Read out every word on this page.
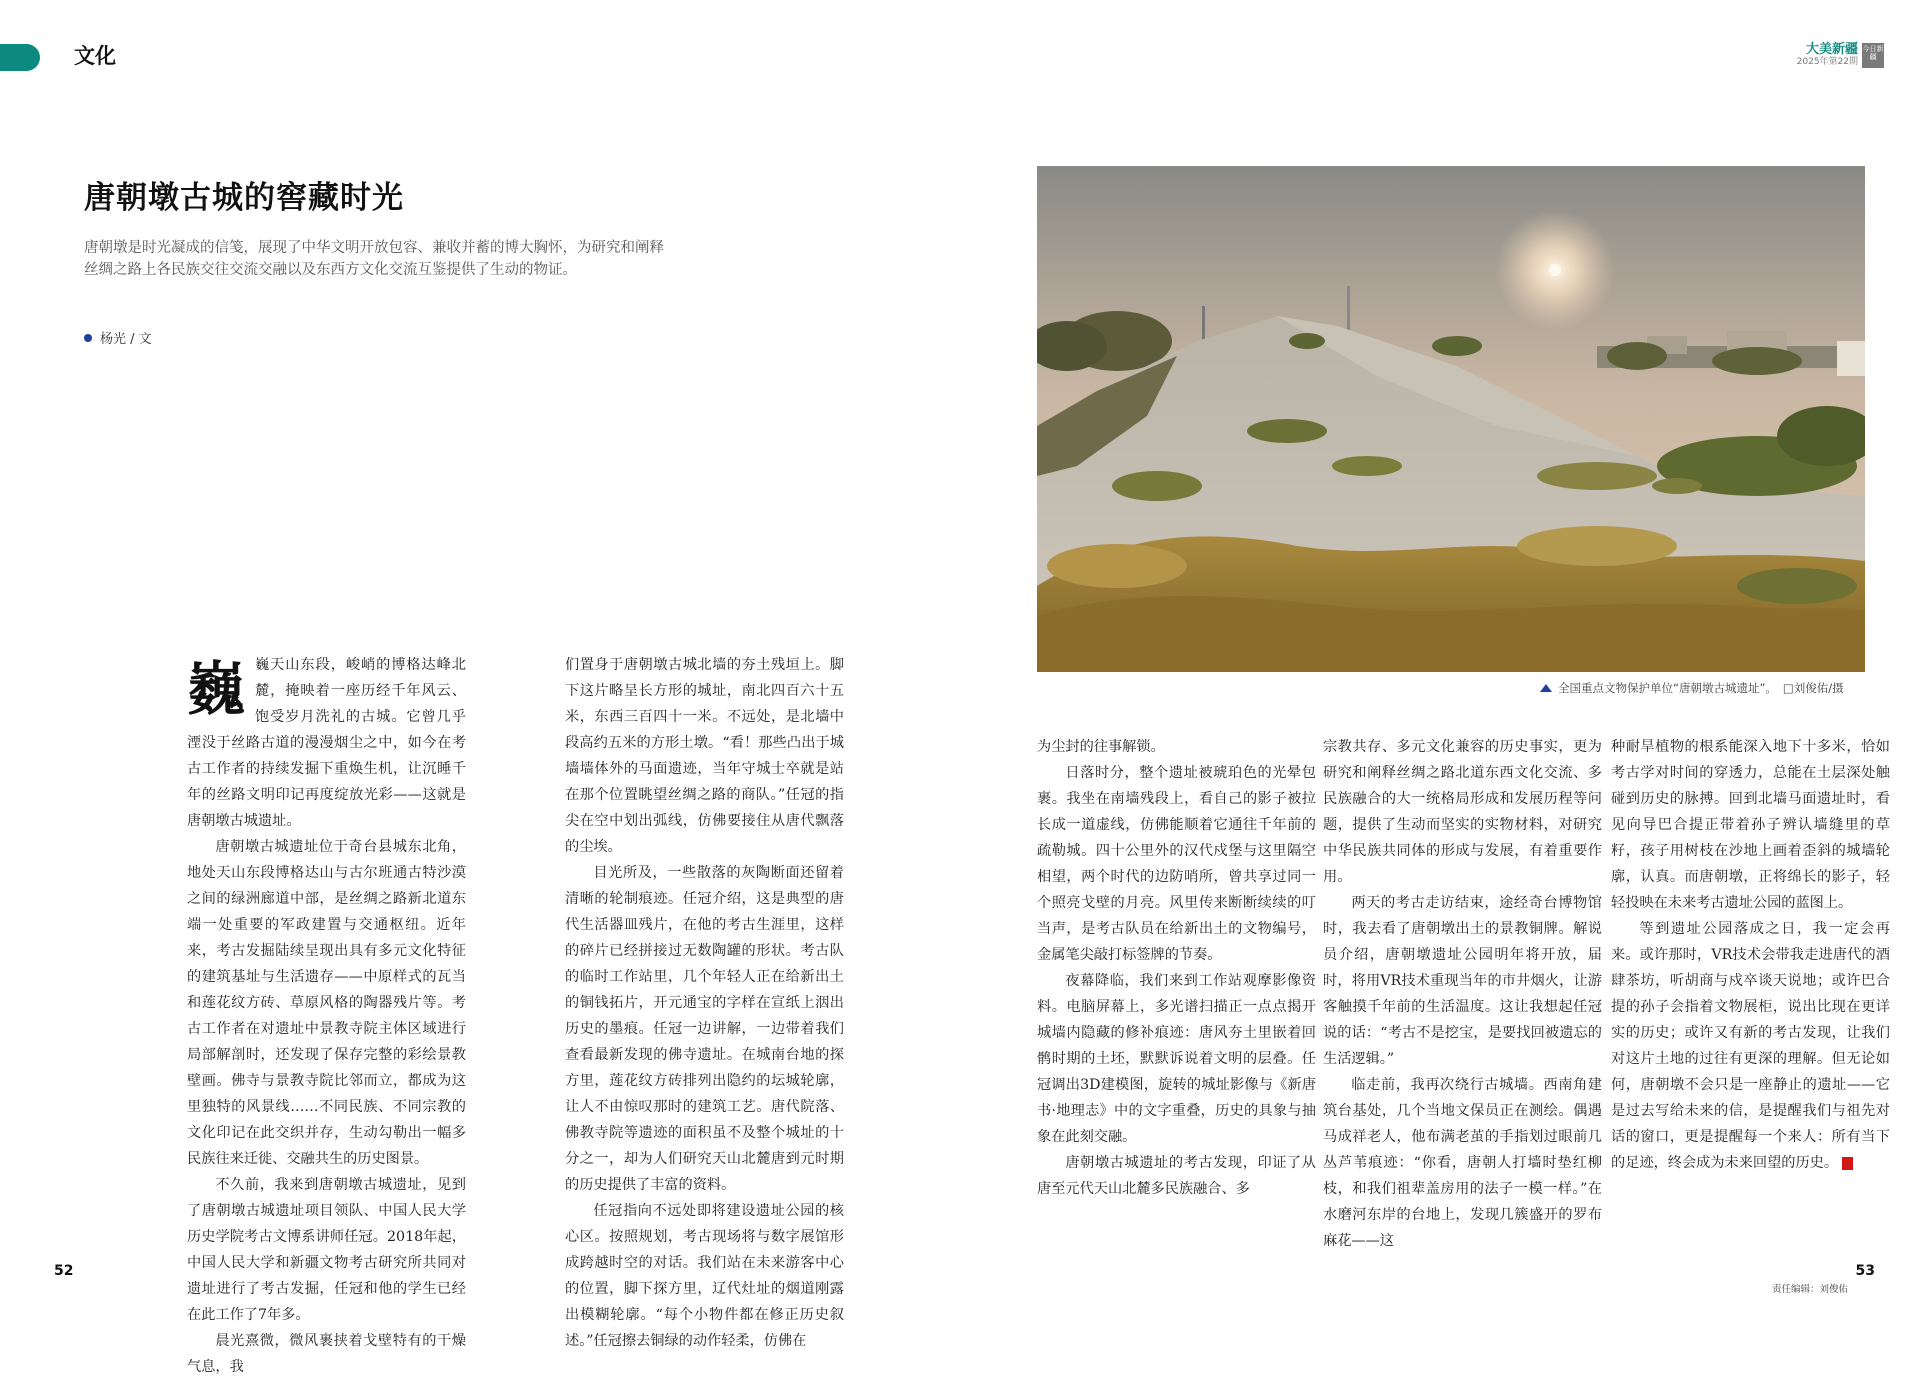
文化	大美新疆
2025年第22期
今日新疆
唐朝墩古城的窖藏时光
唐朝墩是时光凝成的信笺，展现了中华文明开放包容、兼收并蓄的博大胸怀，为研究和阐释丝绸之路上各民族交往交流交融以及东西方文化交流互鉴提供了生动的物证。
杨光 / 文
全国重点文物保护单位“唐朝墩古城遗址”。 □刘俊佑/摄

巍巍天山东段，峻峭的博格达峰北麓，掩映着一座历经千年风云、饱受岁月洗礼的古城。它曾几乎湮没于丝路古道的漫漫烟尘之中，如今在考古工作者的持续发掘下重焕生机，让沉睡千年的丝路文明印记再度绽放光彩——这就是唐朝墩古城遗址。

唐朝墩古城遗址位于奇台县城东北角，地处天山东段博格达山与古尔班通古特沙漠之间的绿洲廊道中部，是丝绸之路新北道东端一处重要的军政建置与交通枢纽。近年来，考古发掘陆续呈现出具有多元文化特征的建筑基址与生活遗存——中原样式的瓦当和莲花纹方砖、草原风格的陶器残片等。考古工作者在对遗址中景教寺院主体区域进行局部解剖时，还发现了保存完整的彩绘景教壁画。佛寺与景教寺院比邻而立，都成为这里独特的风景线……不同民族、不同宗教的文化印记在此交织并存，生动勾勒出一幅多民族往来迁徙、交融共生的历史图景。

不久前，我来到唐朝墩古城遗址，见到了唐朝墩古城遗址项目领队、中国人民大学历史学院考古文博系讲师任冠。2018年起，中国人民大学和新疆文物考古研究所共同对遗址进行了考古发掘，任冠和他的学生已经在此工作了7年多。

晨光熹微，微风裹挟着戈壁特有的干燥气息，我

们置身于唐朝墩古城北墙的夯土残垣上。脚下这片略呈长方形的城址，南北四百六十五米，东西三百四十一米。不远处，是北墙中段高约五米的方形土墩。“看！那些凸出于城墙墙体外的马面遗迹，当年守城士卒就是站在那个位置眺望丝绸之路的商队。”任冠的指尖在空中划出弧线，仿佛要接住从唐代飘落的尘埃。

目光所及，一些散落的灰陶断面还留着清晰的轮制痕迹。任冠介绍，这是典型的唐代生活器皿残片，在他的考古生涯里，这样的碎片已经拼接过无数陶罐的形状。考古队的临时工作站里，几个年轻人正在给新出土的铜钱拓片，开元通宝的字样在宣纸上洇出历史的墨痕。任冠一边讲解，一边带着我们查看最新发现的佛寺遗址。在城南台地的探方里，莲花纹方砖排列出隐约的坛城轮廓，让人不由惊叹那时的建筑工艺。唐代院落、佛教寺院等遗迹的面积虽不及整个城址的十分之一，却为人们研究天山北麓唐到元时期的历史提供了丰富的资料。

任冠指向不远处即将建设遗址公园的核心区。按照规划，考古现场将与数字展馆形成跨越时空的对话。我们站在未来游客中心的位置，脚下探方里，辽代灶址的烟道刚露出模糊轮廓。“每个小物件都在修正历史叙述。”任冠擦去铜绿的动作轻柔，仿佛在

为尘封的往事解锁。

日落时分，整个遗址被琥珀色的光晕包裹。我坐在南墙残段上，看自己的影子被拉长成一道虚线，仿佛能顺着它通往千年前的疏勒城。四十公里外的汉代戍堡与这里隔空相望，两个时代的边防哨所，曾共享过同一个照亮戈壁的月亮。风里传来断断续续的叮当声，是考古队员在给新出土的文物编号，金属笔尖敲打标签牌的节奏。

夜幕降临，我们来到工作站观摩影像资料。电脑屏幕上，多光谱扫描正一点点揭开城墙内隐藏的修补痕迹：唐风夯土里嵌着回鹘时期的土坯，默默诉说着文明的层叠。任冠调出3D建模图，旋转的城址影像与《新唐书·地理志》中的文字重叠，历史的具象与抽象在此刻交融。

唐朝墩古城遗址的考古发现，印证了从唐至元代天山北麓多民族融合、多

宗教共存、多元文化兼容的历史事实，更为研究和阐释丝绸之路北道东西文化交流、多民族融合的大一统格局形成和发展历程等问题，提供了生动而坚实的实物材料，对研究中华民族共同体的形成与发展，有着重要作用。

两天的考古走访结束，途经奇台博物馆时，我去看了唐朝墩出土的景教铜牌。解说员介绍，唐朝墩遗址公园明年将开放，届时，将用VR技术重现当年的市井烟火，让游客触摸千年前的生活温度。这让我想起任冠说的话：“考古不是挖宝，是要找回被遗忘的生活逻辑。”

临走前，我再次绕行古城墙。西南角建筑台基处，几个当地文保员正在测绘。偶遇马成祥老人，他布满老茧的手指划过眼前几丛芦苇痕迹：“你看，唐朝人打墙时垫红柳枝，和我们祖辈盖房用的法子一模一样。”在水磨河东岸的台地上，发现几簇盛开的罗布麻花——这

种耐旱植物的根系能深入地下十多米，恰如考古学对时间的穿透力，总能在土层深处触碰到历史的脉搏。回到北墙马面遗址时，看见向导巴合提正带着孙子辨认墙缝里的草籽，孩子用树枝在沙地上画着歪斜的城墙轮廓，认真。而唐朝墩，正将绵长的影子，轻轻投映在未来考古遗址公园的蓝图上。

等到遗址公园落成之日，我一定会再来。或许那时，VR技术会带我走进唐代的酒肆茶坊，听胡商与戍卒谈天说地；或许巴合提的孙子会指着文物展柜，说出比现在更详实的历史；或许又有新的考古发现，让我们对这片土地的过往有更深的理解。但无论如何，唐朝墩不会只是一座静止的遗址——它是过去写给未来的信，是提醒我们与祖先对话的窗口，更是提醒每一个来人：所有当下的足迹，终会成为未来回望的历史。

52	53
责任编辑：刘俊佑
